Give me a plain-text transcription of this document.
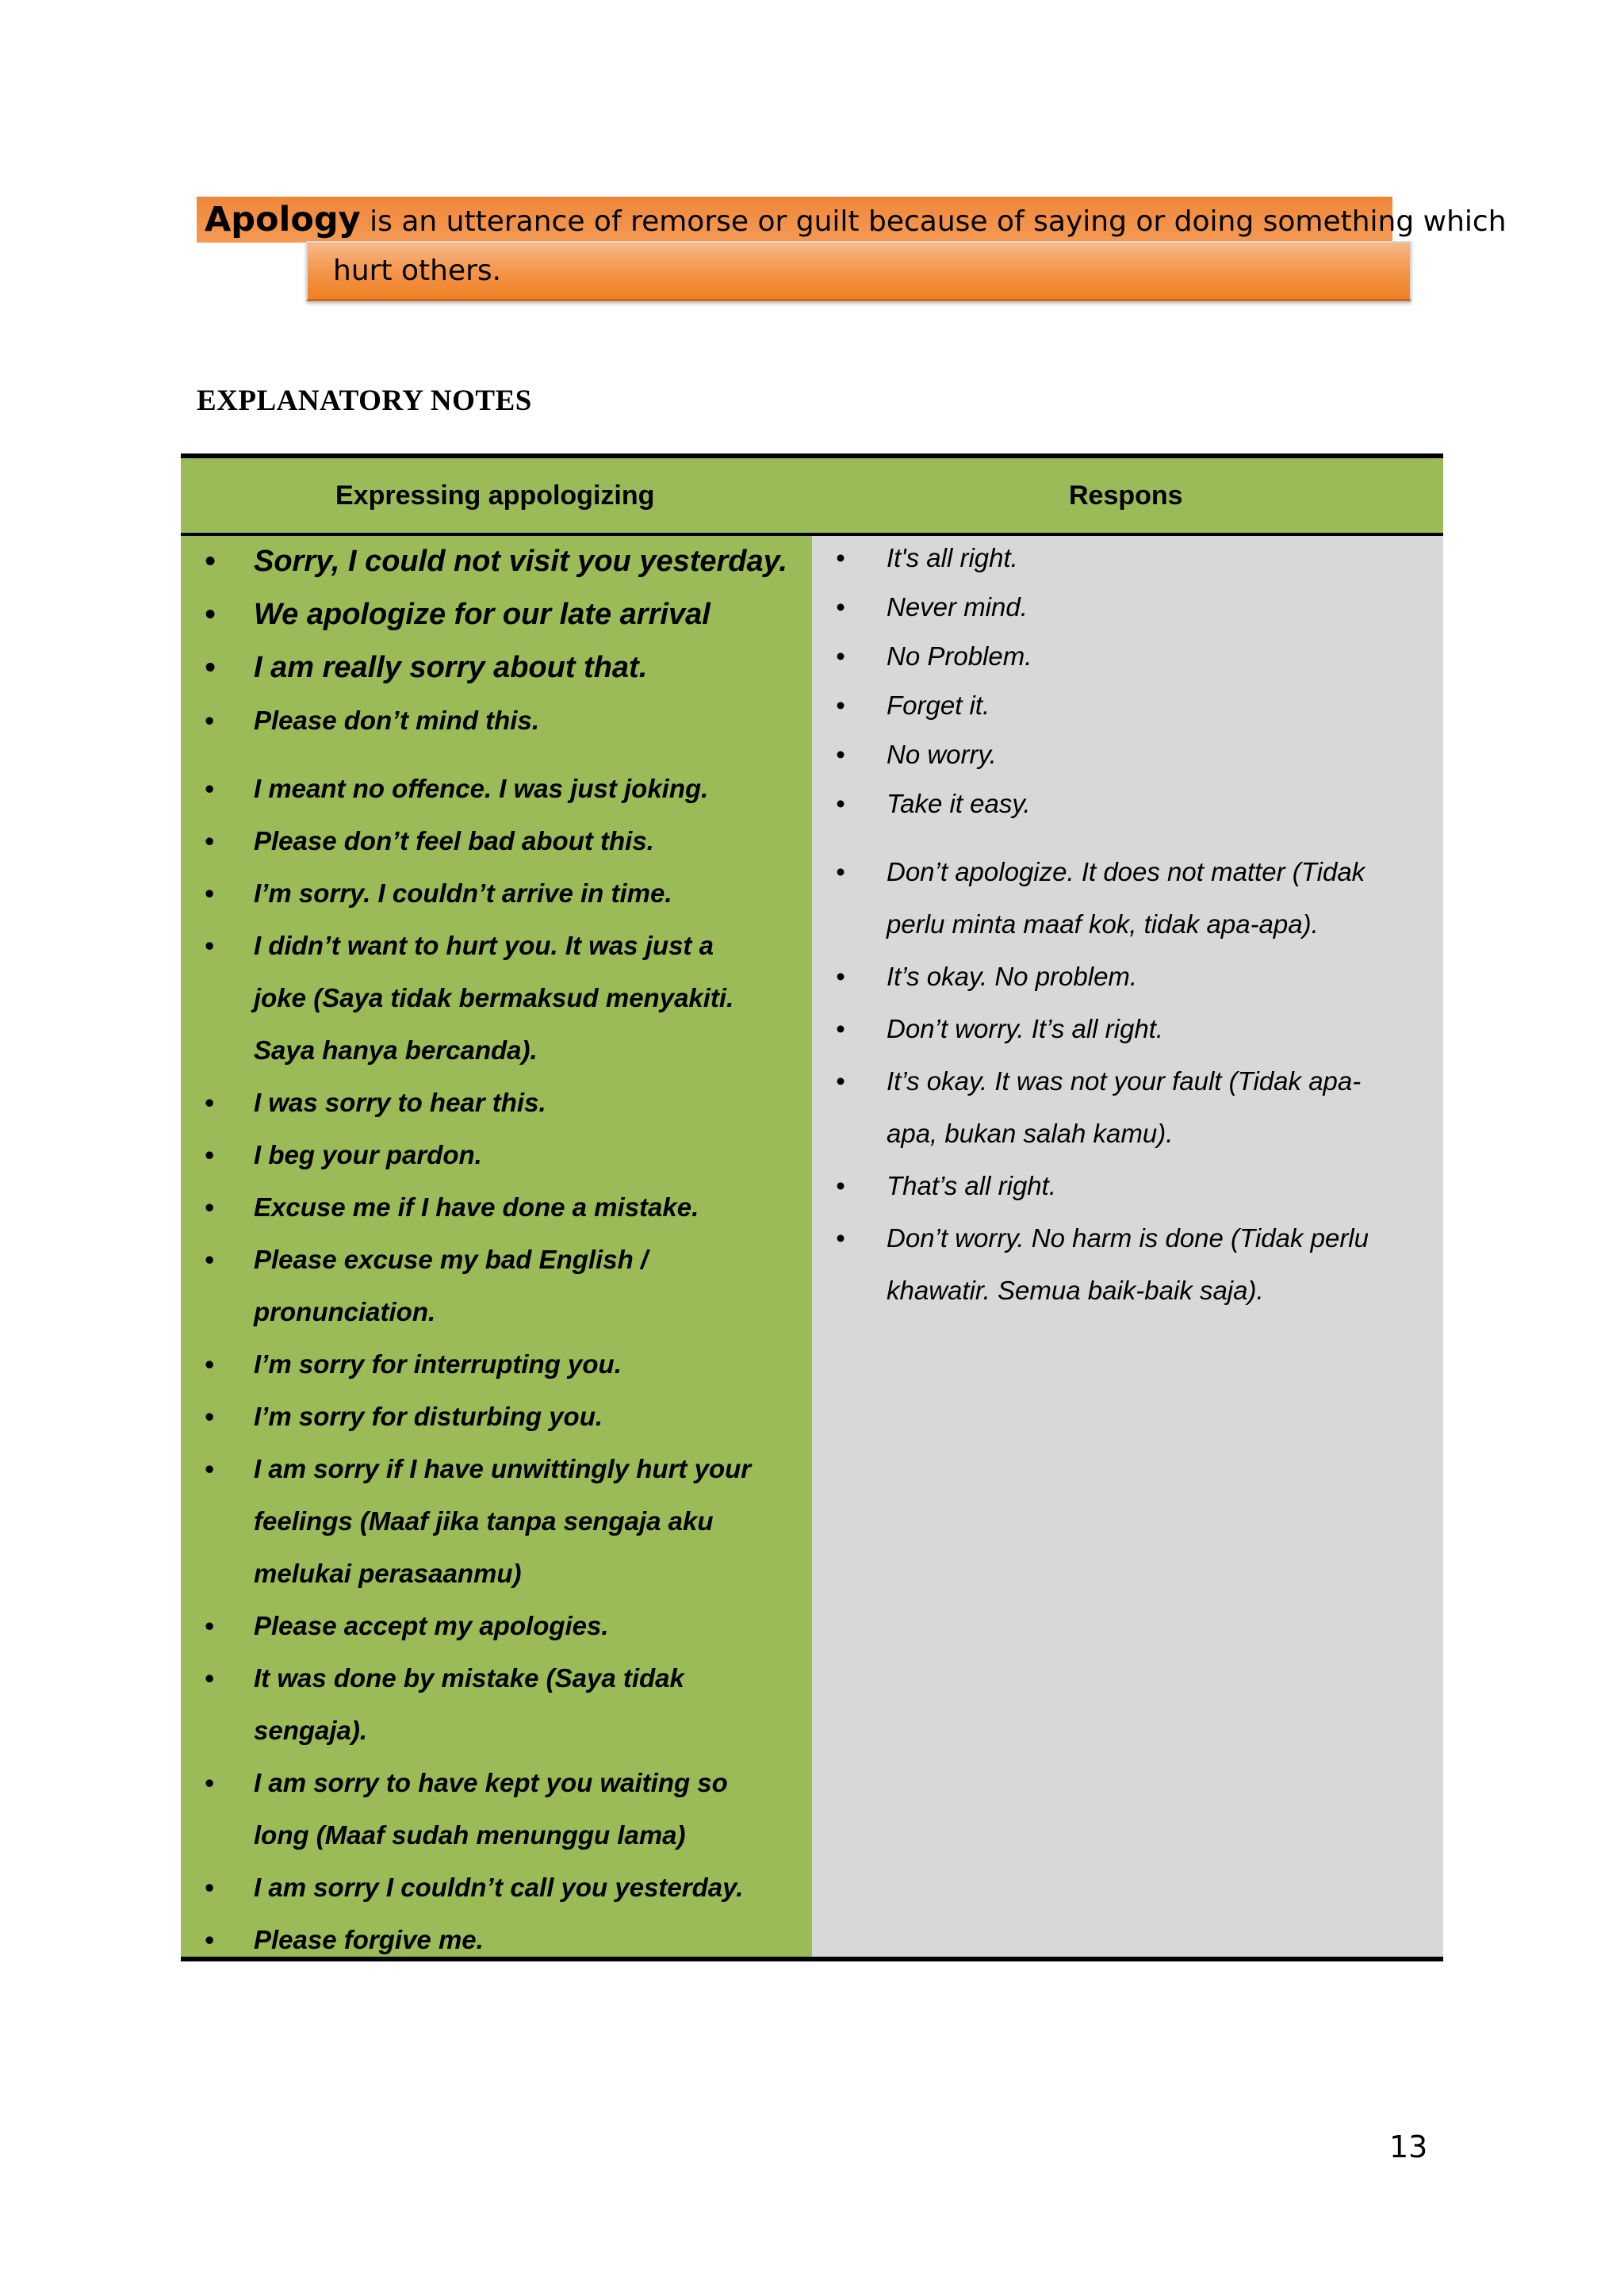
Apology is an utterance of remorse or guilt because of saying or doing something which
hurt others.
EXPLANATORY NOTES
Expressing appologizing	Respons
• Sorry, I could not visit you yesterday.
• We apologize for our late arrival
• I am really sorry about that.
• Please don’t mind this.
• I meant no offence. I was just joking.
• Please don’t feel bad about this.
• I’m sorry. I couldn’t arrive in time.
• I didn’t want to hurt you. It was just a
joke (Saya tidak bermaksud menyakiti.
Saya hanya bercanda).
• I was sorry to hear this.
• I beg your pardon.
• Excuse me if I have done a mistake.
• Please excuse my bad English /
pronunciation.
• I’m sorry for interrupting you.
• I’m sorry for disturbing you.
• I am sorry if I have unwittingly hurt your
feelings (Maaf jika tanpa sengaja aku
melukai perasaanmu)
• Please accept my apologies.
• It was done by mistake (Saya tidak
sengaja).
• I am sorry to have kept you waiting so
long (Maaf sudah menunggu lama)
• I am sorry I couldn’t call you yesterday.
• Please forgive me.
• It's all right.
• Never mind.
• No Problem.
• Forget it.
• No worry.
• Take it easy.
• Don’t apologize. It does not matter (Tidak
perlu minta maaf kok, tidak apa-apa).
• It’s okay. No problem.
• Don’t worry. It’s all right.
• It’s okay. It was not your fault (Tidak apa-
apa, bukan salah kamu).
• That’s all right.
• Don’t worry. No harm is done (Tidak perlu
khawatir. Semua baik-baik saja).
13
